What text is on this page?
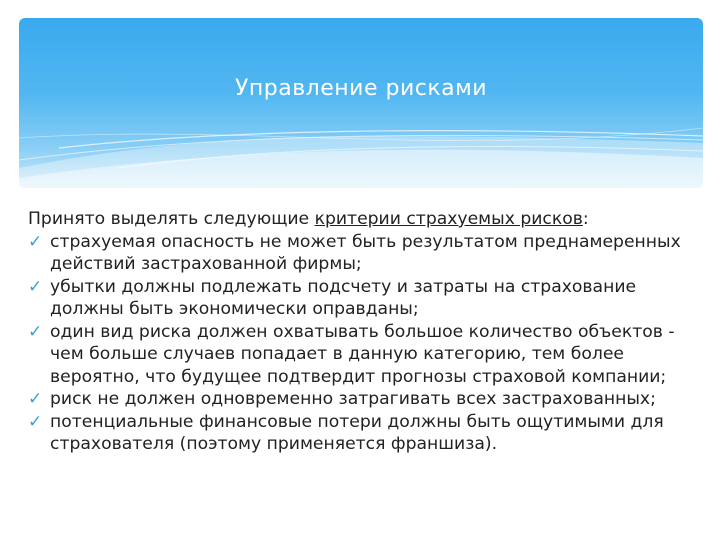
Управление рисками

Принято выделять следующие критерии страхуемых рисков:

✓ страхуемая опасность не может быть результатом преднамеренных действий застрахованной фирмы;
✓ убытки должны подлежать подсчету и затраты на страхование должны быть экономически оправданы;
✓ один вид риска должен охватывать большое количество объектов - чем больше случаев попадает в данную категорию, тем более вероятно, что будущее подтвердит прогнозы страховой компании;
✓ риск не должен одновременно затрагивать всех застрахованных;
✓ потенциальные финансовые потери должны быть ощутимыми для страхователя (поэтому применяется франшиза).
